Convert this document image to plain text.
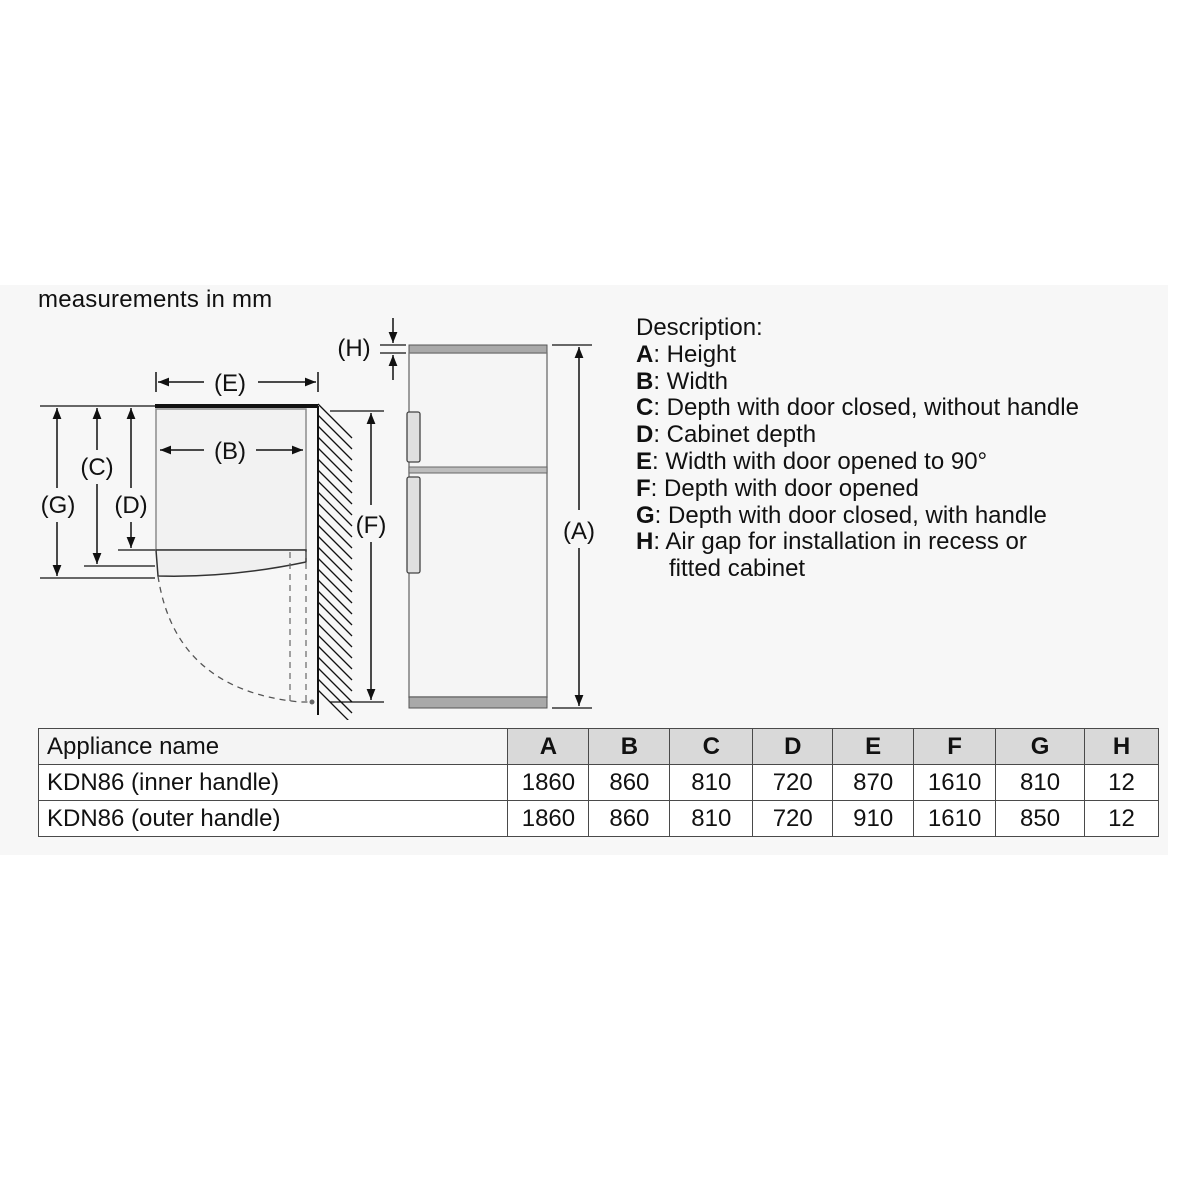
measurements in mm
(E)
(B)
(G)
(C)
(D)
(F)
(H)
(A)
Description:
A: Height
B: Width
C: Depth with door closed, without handle
D: Cabinet depth
E: Width with door opened to 90°
F: Depth with door opened
G: Depth with door closed, with handle
H: Air gap for installation in recess or
fitted cabinet
Appliance name	A	B	C	D	E	F	G	H
KDN86 (inner handle)	1860	860	810	720	870	1610	810	12
KDN86 (outer handle)	1860	860	810	720	910	1610	850	12
